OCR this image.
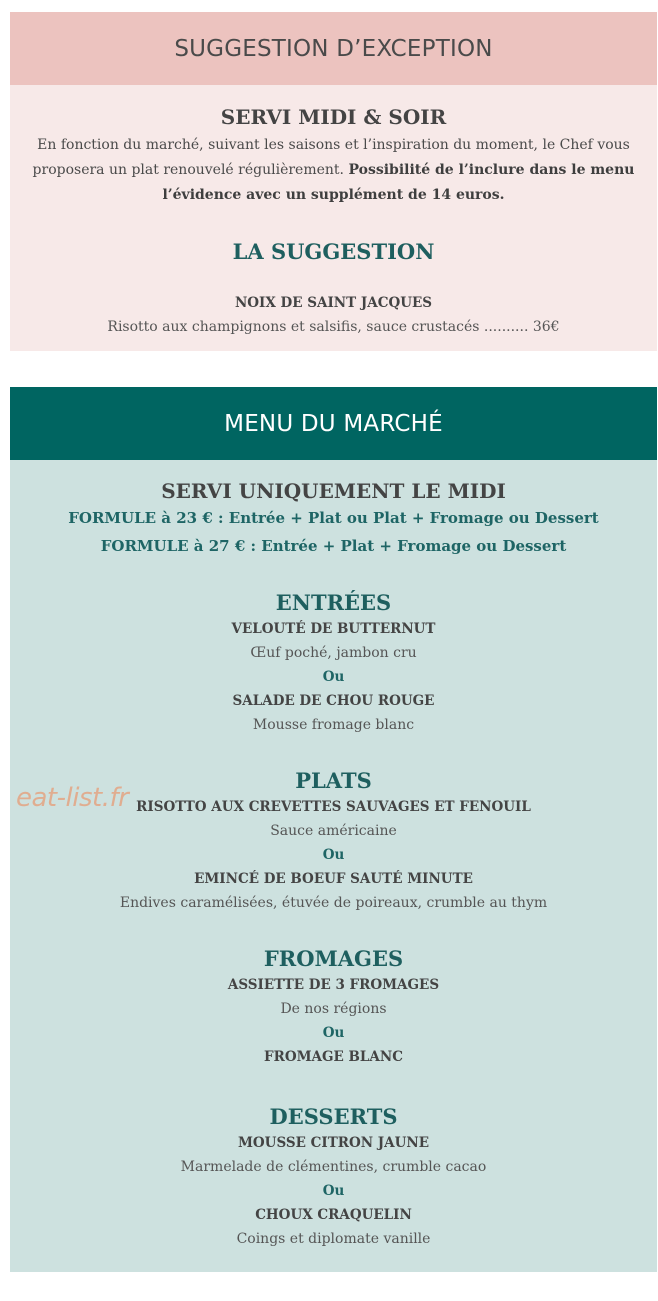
SUGGESTION D’EXCEPTION
SERVI MIDI & SOIR
En fonction du marché, suivant les saisons et l’inspiration du moment, le Chef vous proposera un plat renouvelé régulièrement. Possibilité de l’inclure dans le menu l’évidence avec un supplément de 14 euros.
LA SUGGESTION
NOIX DE SAINT JACQUES
Risotto aux champignons et salsifis, sauce crustacés .......... 36€
MENU DU MARCHÉ
SERVI UNIQUEMENT LE MIDI
FORMULE à 23 € : Entrée + Plat ou Plat + Fromage ou Dessert
FORMULE à 27 € : Entrée + Plat + Fromage ou Dessert
ENTRÉES
VELOUTÉ DE BUTTERNUT
Œuf poché, jambon cru
Ou
SALADE DE CHOU ROUGE
Mousse fromage blanc
PLATS
RISOTTO AUX CREVETTES SAUVAGES ET FENOUIL
Sauce américaine
Ou
EMINCÉ DE BOEUF SAUTÉ MINUTE
Endives caramélisées, étuvée de poireaux, crumble au thym
FROMAGES
ASSIETTE DE 3 FROMAGES
De nos régions
Ou
FROMAGE BLANC
DESSERTS
MOUSSE CITRON JAUNE
Marmelade de clémentines, crumble cacao
Ou
CHOUX CRAQUELIN
Coings et diplomate vanille
eat-list.fr
